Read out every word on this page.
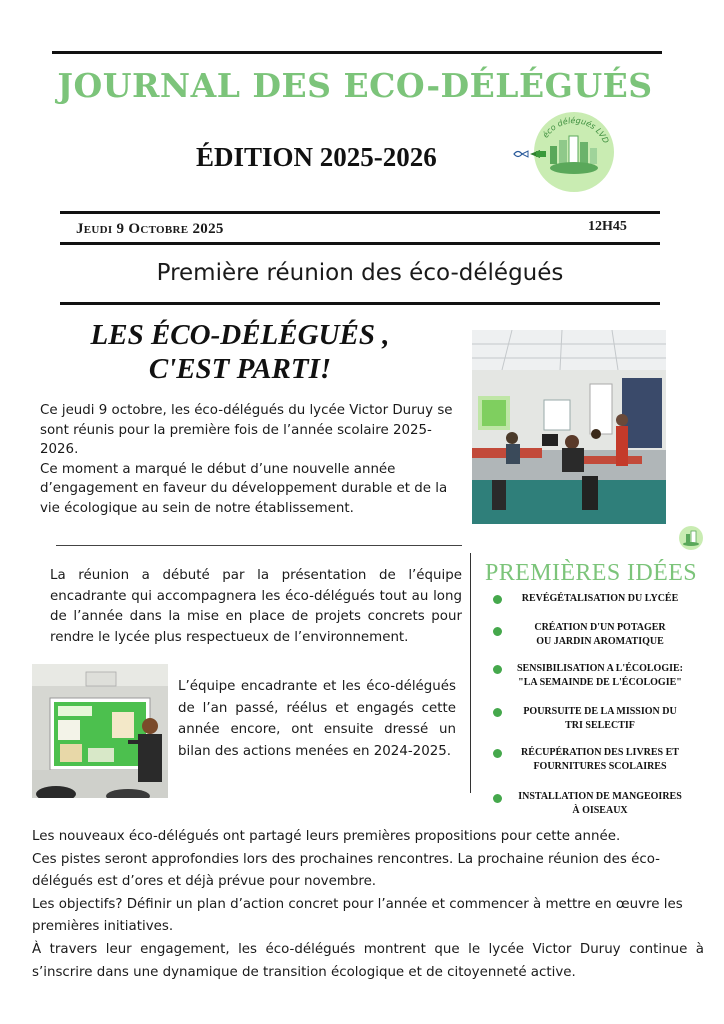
JOURNAL DES ECO-DÉLÉGUÉS
ÉDITION 2025-2026
éco délégués LVD
Jeudi 9 Octobre 2025	12H45
Première réunion des éco-délégués
LES ÉCO-DÉLÉGUÉS ,
C'EST PARTI!

Ce jeudi 9 octobre, les éco-délégués du lycée Victor Duruy se sont réunis pour la première fois de l’année scolaire 2025-2026.

Ce moment a marqué le début d’une nouvelle année d’engagement en faveur du développement durable et de la vie écologique au sein de notre établissement.

La réunion a débuté par la présentation de l’équipe encadrante qui accompagnera les éco-délégués tout au long de l’année dans la mise en place de projets concrets pour rendre le lycée plus respectueux de l’environnement.
L’équipe encadrante et les éco-délégués de l’an passé, réélus et engagés cette année encore, ont ensuite dressé un bilan des actions menées en 2024-2025.
PREMIÈRES IDÉES
REVÉGÉTALISATION DU LYCÉE
CRÉATION D'UN POTAGER
OU JARDIN AROMATIQUE
SENSIBILISATION A L'ÉCOLOGIE:
"LA SEMAINDE DE L'ÉCOLOGIE"
POURSUITE DE LA MISSION DU
TRI SELECTIF
RÉCUPÉRATION DES LIVRES ET
FOURNITURES SCOLAIRES
INSTALLATION DE MANGEOIRES
À OISEAUX

Les nouveaux éco-délégués ont partagé leurs premières propositions pour cette année.

Ces pistes seront approfondies lors des prochaines rencontres. La prochaine réunion des éco-délégués est d’ores et déjà prévue pour novembre.

Les objectifs? Définir un plan d’action concret pour l’année et commencer à mettre en œuvre les premières initiatives.

À travers leur engagement, les éco-délégués montrent que le lycée Victor Duruy continue à s’inscrire dans une dynamique de transition écologique et de citoyenneté active.
